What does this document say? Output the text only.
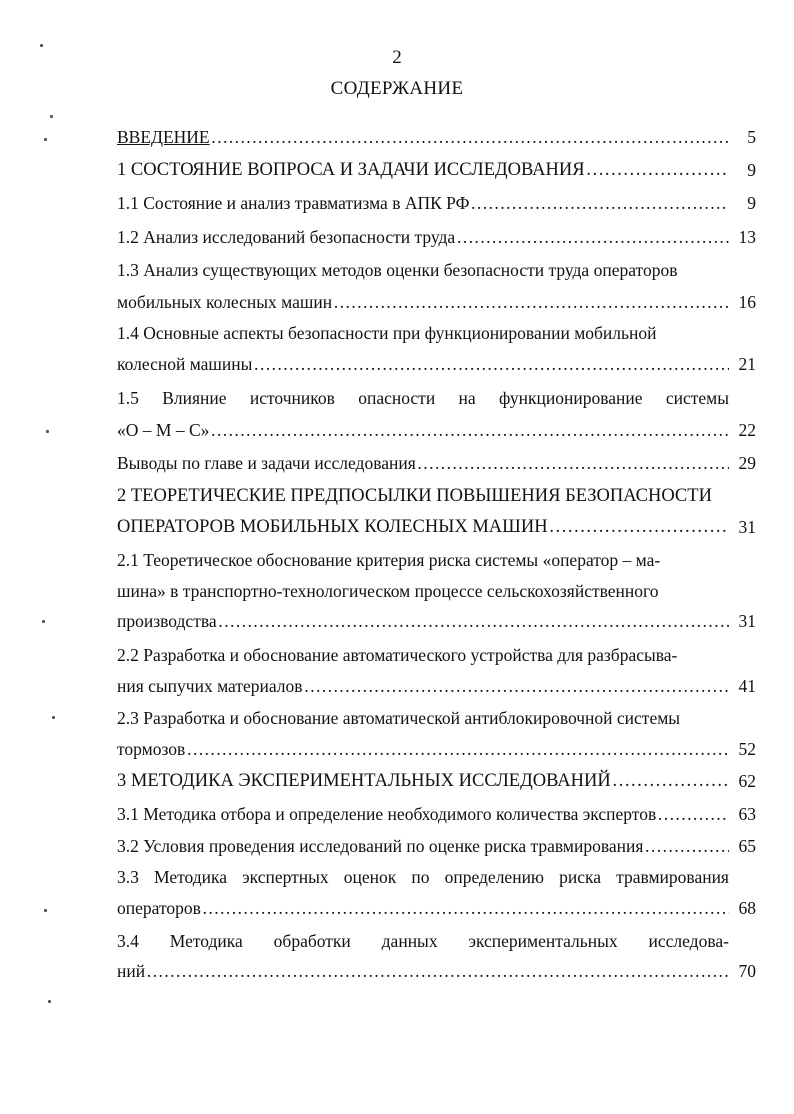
2
СОДЕРЖАНИЕ
ВВЕДЕНИЕ …………………………………………………………………………………………………………………………………………………………	5
1 СОСТОЯНИЕ ВОПРОСА И ЗАДАЧИ ИССЛЕДОВАНИЯ …………………………………………………………………………………………………………………………………………………………	9
1.1 Состояние и анализ травматизма в АПК РФ …………………………………………………………………………………………………………………………………………………………	9
1.2 Анализ исследований безопасности труда …………………………………………………………………………………………………………………………………………………………	13
1.3 Анализ существующих методов оценки безопасности труда операторов
мобильных колесных машин …………………………………………………………………………………………………………………………………………………………	16
1.4 Основные аспекты безопасности при функционировании мобильной
колесной машины …………………………………………………………………………………………………………………………………………………………	21
1.5 Влияние источников опасности на функционирование системы
«О – М – С» …………………………………………………………………………………………………………………………………………………………	22
Выводы по главе и задачи исследования …………………………………………………………………………………………………………………………………………………………	29
2 ТЕОРЕТИЧЕСКИЕ ПРЕДПОСЫЛКИ ПОВЫШЕНИЯ БЕЗОПАСНОСТИ
ОПЕРАТОРОВ МОБИЛЬНЫХ КОЛЕСНЫХ МАШИН …………………………………………………………………………………………………………………………………………………………	31
2.1 Теоретическое обоснование критерия риска системы «оператор – ма-
шина» в транспортно-технологическом процессе сельскохозяйственного
производства …………………………………………………………………………………………………………………………………………………………	31
2.2 Разработка и обоснование автоматического устройства для разбрасыва-
ния сыпучих материалов …………………………………………………………………………………………………………………………………………………………	41
2.3 Разработка и обоснование автоматической антиблокировочной системы
тормозов …………………………………………………………………………………………………………………………………………………………	52
3 МЕТОДИКА ЭКСПЕРИМЕНТАЛЬНЫХ ИССЛЕДОВАНИЙ …………………………………………………………………………………………………………………………………………………………	62
3.1 Методика отбора и определение необходимого количества экспертов …………………………………………………………………………………………………………………………………………………………	63
3.2 Условия проведения исследований по оценке риска травмирования …………………………………………………………………………………………………………………………………………………………	65
3.3 Методика экспертных оценок по определению риска травмирования
операторов …………………………………………………………………………………………………………………………………………………………	68
3.4 Методика обработки данных экспериментальных исследова-
ний …………………………………………………………………………………………………………………………………………………………	70
